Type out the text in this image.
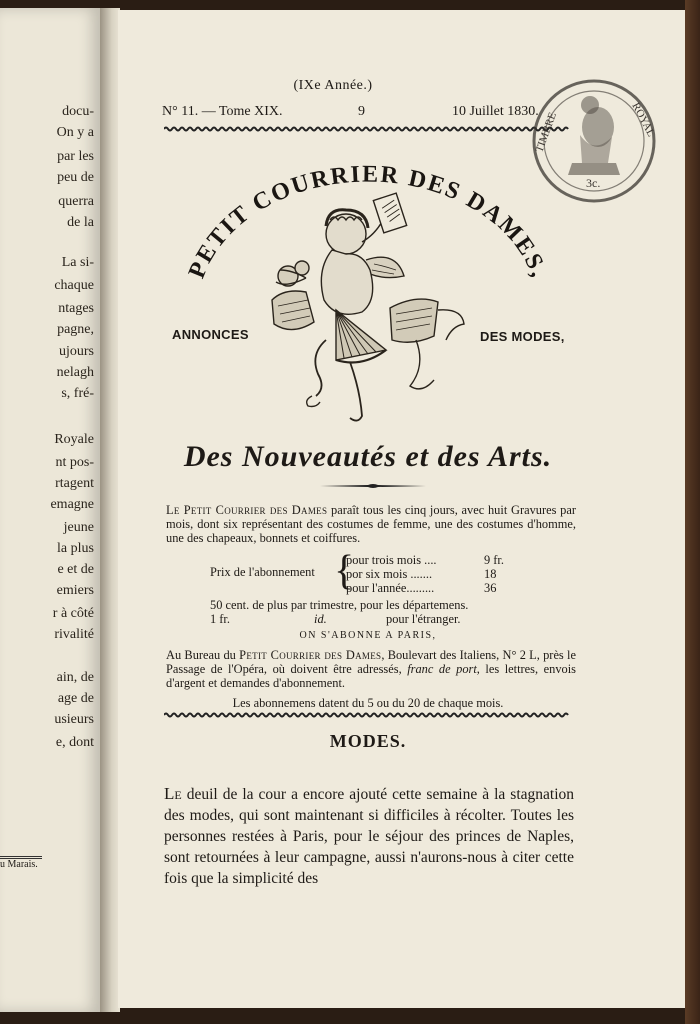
docu-
On y a
par les
peu de
querra
de la
La si-
chaque
ntages
pagne,
ujours
nelagh
s, fré-
Royale
nt pos-
rtagent
emagne
jeune
la plus
e et de
emiers
r à côté
rivalité
ain, de
age de
usieurs
e, dont
u Marais.
(IXe Année.)
N° 11. — Tome XIX.	9	10 Juillet 1830.
TIMBRE	ROYAL
3c.
PETIT COURRIER DES DAMES,
ANNONCES	DES MODES,
Des Nouveautés et des Arts.
Le Petit Courrier des Dames paraît tous les cinq jours, avec huit Gravures par mois, dont six représentant des costumes de femme, une des costumes d'homme, une des chapeaux, bonnets et coiffures.
Prix de l'abonnement {
pour trois mois ....	9 fr.
por six mois .......	18
pour l'année.........	36
50 cent. de plus par trimestre, pour les départemens.
1 fr.	id.	pour l'étranger.
ON S'ABONNE A PARIS,
Au Bureau du Petit Courrier des Dames, Boulevart des Italiens, N° 2 L, près le Passage de l'Opéra, où doivent être adressés, franc de port, les lettres, envois d'argent et demandes d'abonnement.
Les abonnemens datent du 5 ou du 20 de chaque mois.
MODES.
Le deuil de la cour a encore ajouté cette semaine à la stagnation des modes, qui sont maintenant si difficiles à récolter. Toutes les personnes restées à Paris, pour le séjour des princes de Naples, sont retournées à leur campagne, aussi n'aurons-nous à citer cette fois que la simplicité des
